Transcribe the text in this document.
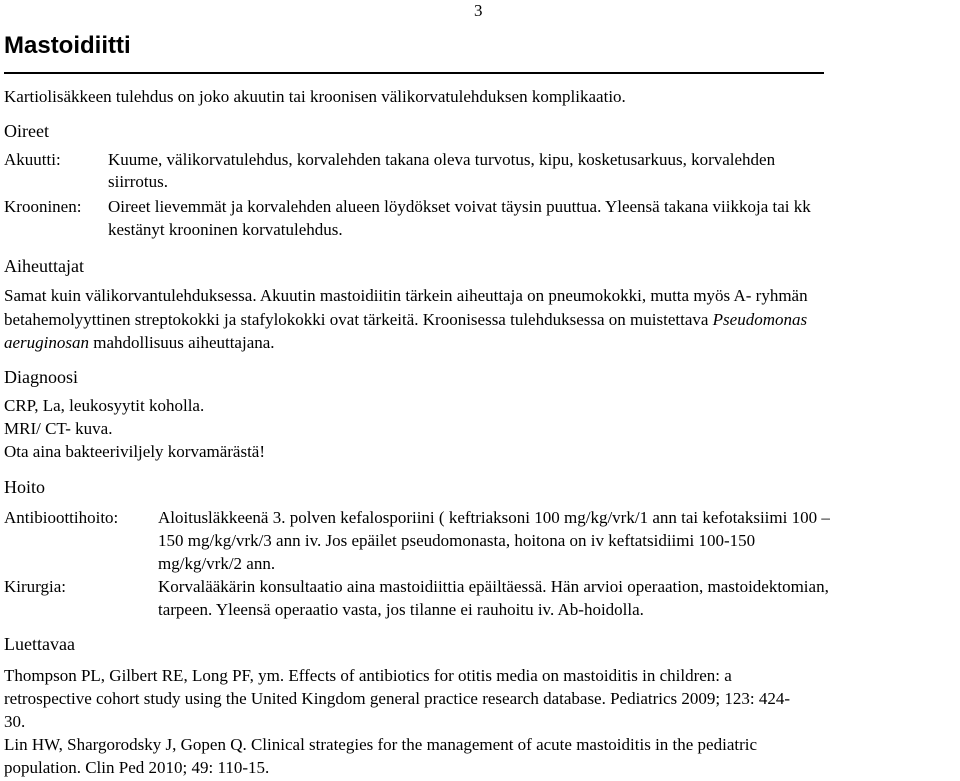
3
Mastoidiitti
Kartiolisäkkeen tulehdus on joko akuutin tai kroonisen välikorvatulehduksen komplikaatio.
Oireet
Akuutti:	Kuume, välikorvatulehdus, korvalehden takana oleva turvotus, kipu, kosketusarkuus, korvalehden
siirrotus.
Krooninen: Oireet lievemmät ja korvalehden alueen löydökset voivat täysin puuttua. Yleensä takana viikkoja tai kk
kestänyt krooninen korvatulehdus.
Aiheuttajat
Samat kuin välikorvantulehduksessa. Akuutin mastoidiitin tärkein aiheuttaja on pneumokokki, mutta myös A- ryhmän
betahemolyyttinen streptokokki ja stafylokokki ovat tärkeitä. Kroonisessa tulehduksessa on muistettava Pseudomonas
aeruginosan mahdollisuus aiheuttajana.
Diagnoosi
CRP, La, leukosyytit koholla.
MRI/ CT- kuva.
Ota aina bakteeriviljely korvamärästä!
Hoito
Antibioottihoito: Aloitusläkkeenä 3. polven kefalosporiini ( keftriaksoni 100 mg/kg/vrk/1 ann tai kefotaksiimi 100 –
150 mg/kg/vrk/3 ann iv. Jos epäilet pseudomonasta, hoitona on iv keftatsidiimi 100-150
mg/kg/vrk/2 ann.
Kirurgia:	Korvalääkärin konsultaatio aina mastoidiittia epäiltäessä. Hän arvioi operaation, mastoidektomian,
tarpeen. Yleensä operaatio vasta, jos tilanne ei rauhoitu iv. Ab-hoidolla.
Luettavaa
Thompson PL, Gilbert RE, Long PF, ym. Effects of antibiotics for otitis media on mastoiditis in children: a
retrospective cohort study using the United Kingdom general practice research database. Pediatrics 2009; 123: 424-
30.
Lin HW, Shargorodsky J, Gopen Q. Clinical strategies for the management of acute mastoiditis in the pediatric
population. Clin Ped 2010; 49: 110-15.
